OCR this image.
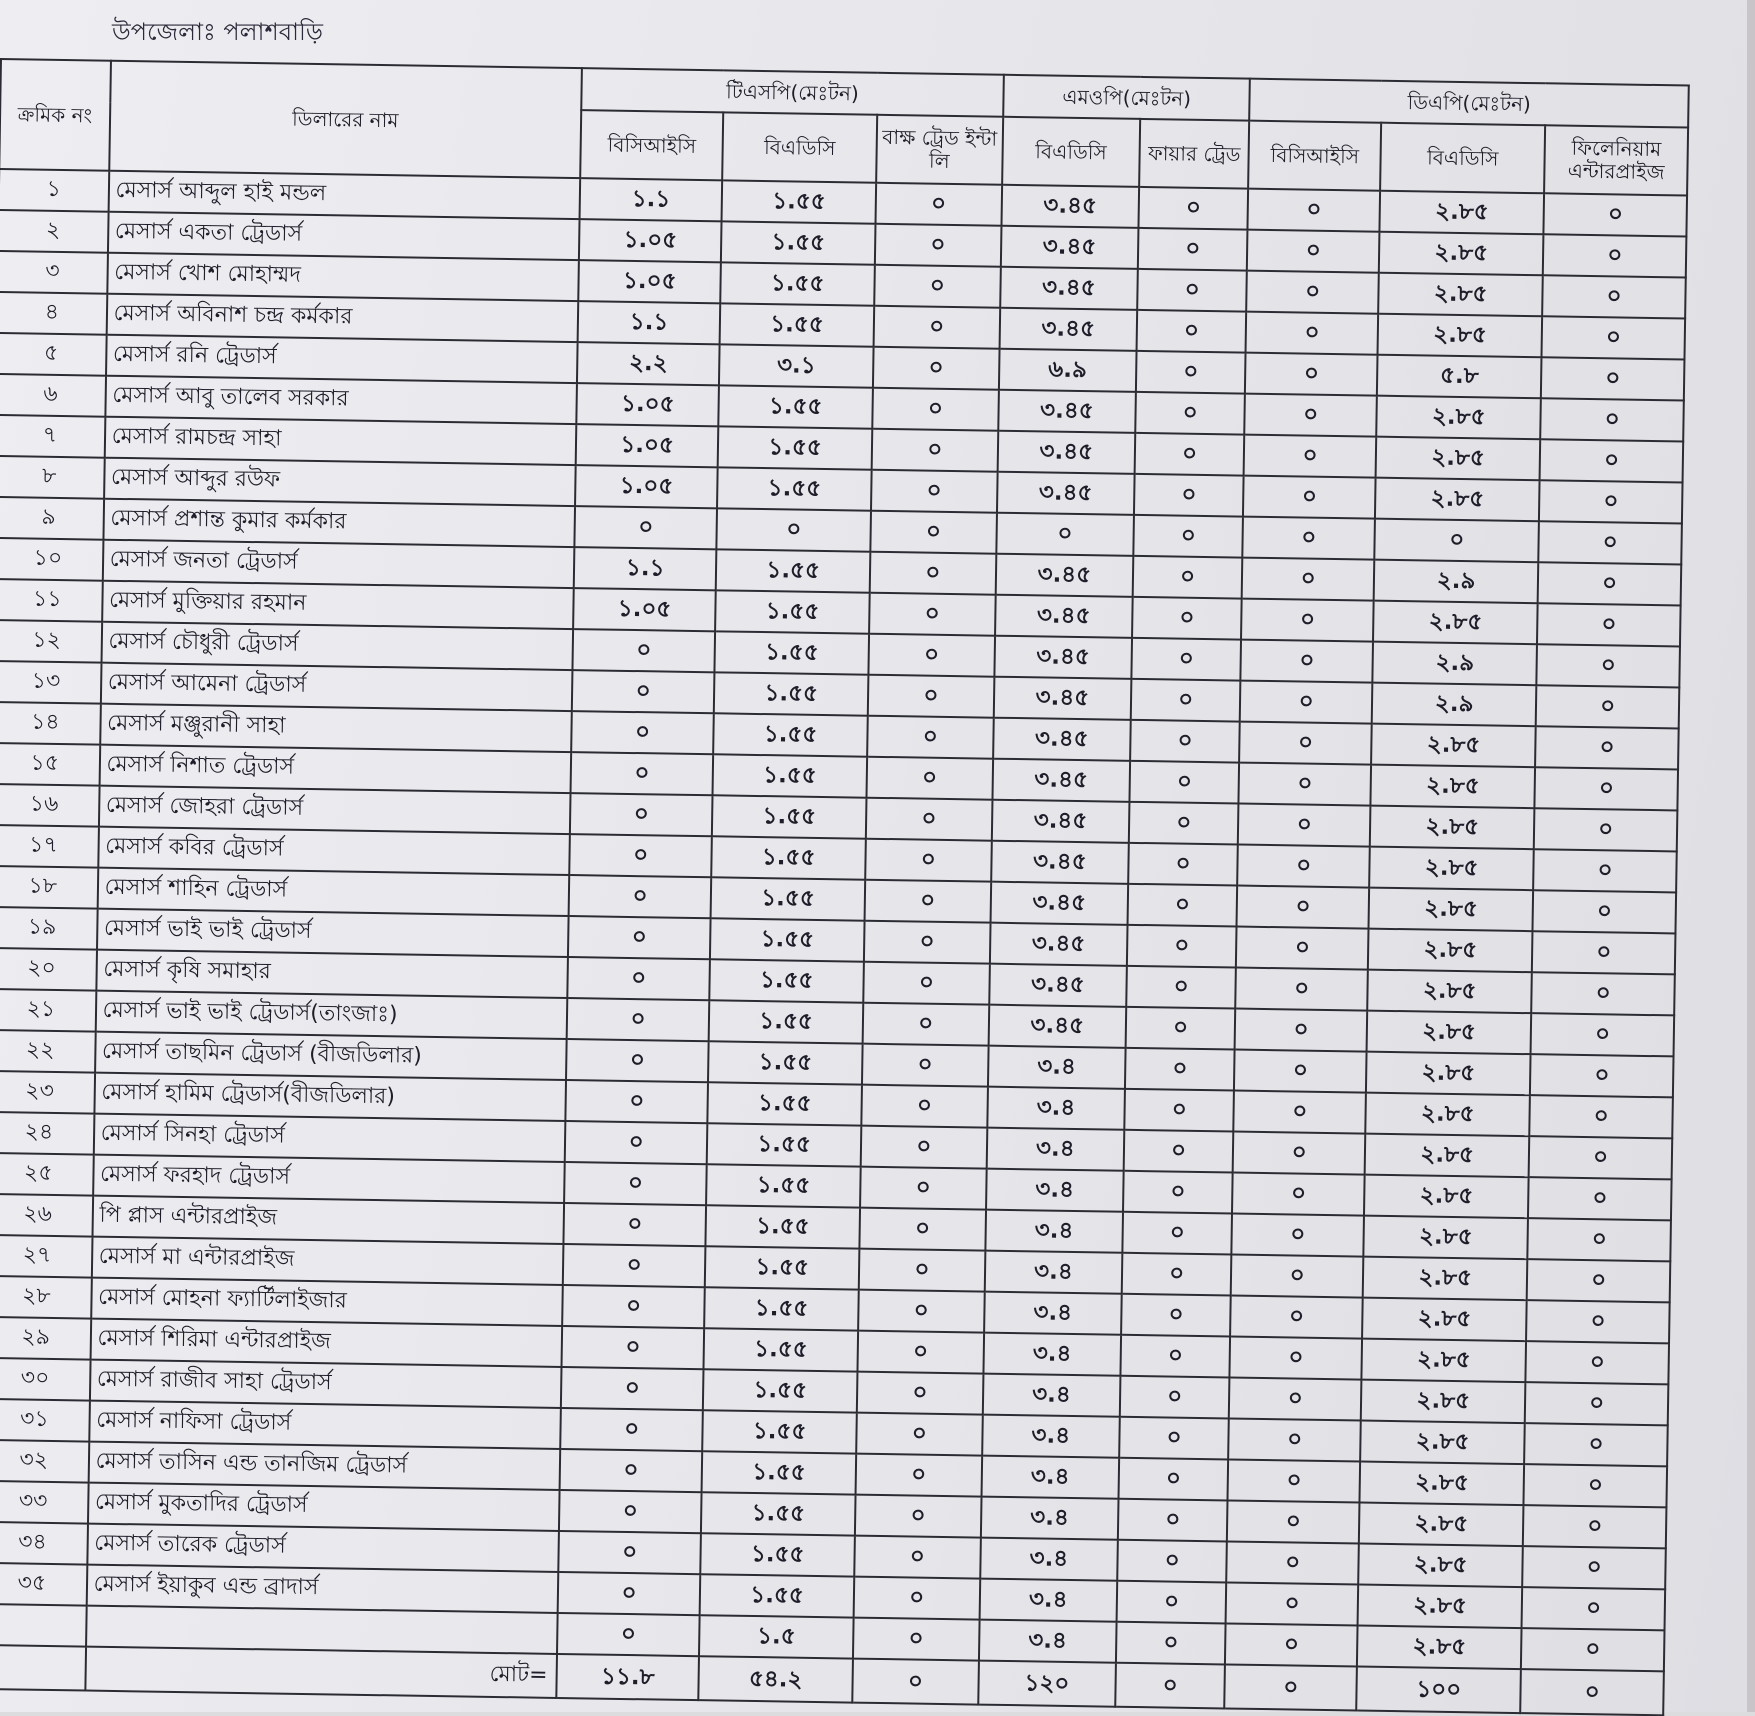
উপজেলাঃ পলাশবাড়ি
ক্রমিক নং	ডিলারের নাম	টিএসপি(মেঃটন)			এমওপি(মেঃটন)		ডিএপি(মেঃটন)		
		বিসিআইসি	বিএডিসি	বাক্ষ ট্রেড ইন্টা লি	বিএডিসি	ফায়ার ট্রেড	বিসিআইসি	বিএডিসি	ফিলেনিয়াম এন্টারপ্রাইজ
১	মেসার্স আব্দুল হাই মন্ডল	১.১	১.৫৫	০	৩.৪৫	০	০	২.৮৫	০
২	মেসার্স একতা ট্রেডার্স	১.০৫	১.৫৫	০	৩.৪৫	০	০	২.৮৫	০
৩	মেসার্স খোশ মোহাম্মদ	১.০৫	১.৫৫	০	৩.৪৫	০	০	২.৮৫	০
৪	মেসার্স অবিনাশ চন্দ্র কর্মকার	১.১	১.৫৫	০	৩.৪৫	০	০	২.৮৫	০
৫	মেসার্স রনি ট্রেডার্স	২.২	৩.১	০	৬.৯	০	০	৫.৮	০
৬	মেসার্স আবু তালেব সরকার	১.০৫	১.৫৫	০	৩.৪৫	০	০	২.৮৫	০
৭	মেসার্স রামচন্দ্র সাহা	১.০৫	১.৫৫	০	৩.৪৫	০	০	২.৮৫	০
৮	মেসার্স আব্দুর রউফ	১.০৫	১.৫৫	০	৩.৪৫	০	০	২.৮৫	০
৯	মেসার্স প্রশান্ত কুমার কর্মকার	০	০	০	০	০	০	০	০
১০	মেসার্স জনতা ট্রেডার্স	১.১	১.৫৫	০	৩.৪৫	০	০	২.৯	০
১১	মেসার্স মুক্তিয়ার রহমান	১.০৫	১.৫৫	০	৩.৪৫	০	০	২.৮৫	০
১২	মেসার্স চৌধুরী ট্রেডার্স	০	১.৫৫	০	৩.৪৫	০	০	২.৯	০
১৩	মেসার্স আমেনা ট্রেডার্স	০	১.৫৫	০	৩.৪৫	০	০	২.৯	০
১৪	মেসার্স মঞ্জুরানী সাহা	০	১.৫৫	০	৩.৪৫	০	০	২.৮৫	০
১৫	মেসার্স নিশাত ট্রেডার্স	০	১.৫৫	০	৩.৪৫	০	০	২.৮৫	০
১৬	মেসার্স জোহরা ট্রেডার্স	০	১.৫৫	০	৩.৪৫	০	০	২.৮৫	০
১৭	মেসার্স কবির ট্রেডার্স	০	১.৫৫	০	৩.৪৫	০	০	২.৮৫	০
১৮	মেসার্স শাহিন ট্রেডার্স	০	১.৫৫	০	৩.৪৫	০	০	২.৮৫	০
১৯	মেসার্স ভাই ভাই ট্রেডার্স	০	১.৫৫	০	৩.৪৫	০	০	২.৮৫	০
২০	মেসার্স কৃষি সমাহার	০	১.৫৫	০	৩.৪৫	০	০	২.৮৫	০
২১	মেসার্স ভাই ভাই ট্রেডার্স(তাংজাঃ)	০	১.৫৫	০	৩.৪৫	০	০	২.৮৫	০
২২	মেসার্স তাছমিন ট্রেডার্স (বীজডিলার)	০	১.৫৫	০	৩.৪	০	০	২.৮৫	০
২৩	মেসার্স হামিম ট্রেডার্স(বীজডিলার)	০	১.৫৫	০	৩.৪	০	০	২.৮৫	০
২৪	মেসার্স সিনহা ট্রেডার্স	০	১.৫৫	০	৩.৪	০	০	২.৮৫	০
২৫	মেসার্স ফরহাদ ট্রেডার্স	০	১.৫৫	০	৩.৪	০	০	২.৮৫	০
২৬	পি প্লাস এন্টারপ্রাইজ	০	১.৫৫	০	৩.৪	০	০	২.৮৫	০
২৭	মেসার্স মা এন্টারপ্রাইজ	০	১.৫৫	০	৩.৪	০	০	২.৮৫	০
২৮	মেসার্স মোহনা ফ্যার্টিলাইজার	০	১.৫৫	০	৩.৪	০	০	২.৮৫	০
২৯	মেসার্স শিরিমা এন্টারপ্রাইজ	০	১.৫৫	০	৩.৪	০	০	২.৮৫	০
৩০	মেসার্স রাজীব সাহা ট্রেডার্স	০	১.৫৫	০	৩.৪	০	০	২.৮৫	০
৩১	মেসার্স নাফিসা ট্রেডার্স	০	১.৫৫	০	৩.৪	০	০	২.৮৫	০
৩২	মেসার্স তাসিন এন্ড তানজিম ট্রেডার্স	০	১.৫৫	০	৩.৪	০	০	২.৮৫	০
৩৩	মেসার্স মুকতাদির ট্রেডার্স	০	১.৫৫	০	৩.৪	০	০	২.৮৫	০
৩৪	মেসার্স তারেক ট্রেডার্স	০	১.৫৫	০	৩.৪	০	০	২.৮৫	০
৩৫	মেসার্স ইয়াকুব এন্ড ব্রাদার্স	০	১.৫৫	০	৩.৪	০	০	২.৮৫	০
		০	১.৫	০	৩.৪	০	০	২.৮৫	০
	মোট=	১১.৮	৫৪.২	০	১২০	০	০	১০০	০
